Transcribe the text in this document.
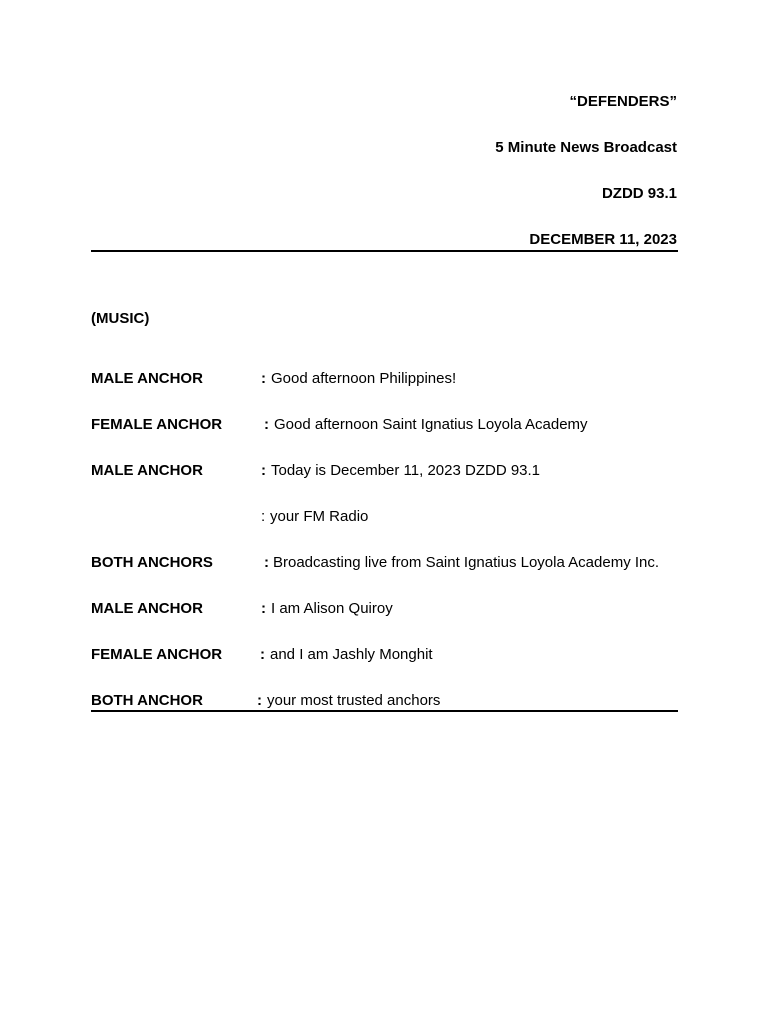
“DEFENDERS”
5 Minute News Broadcast
DZDD 93.1
DECEMBER 11, 2023
(MUSIC)
MALE ANCHOR	: Good afternoon Philippines!
FEMALE ANCHOR	: Good afternoon Saint Ignatius Loyola Academy
MALE ANCHOR	: Today is December 11, 2023 DZDD 93.1
: your FM Radio
BOTH ANCHORS	: Broadcasting live from Saint Ignatius Loyola Academy Inc.
MALE ANCHOR	: I am Alison Quiroy
FEMALE ANCHOR	: and I am Jashly Monghit
BOTH ANCHOR	: your most trusted anchors
